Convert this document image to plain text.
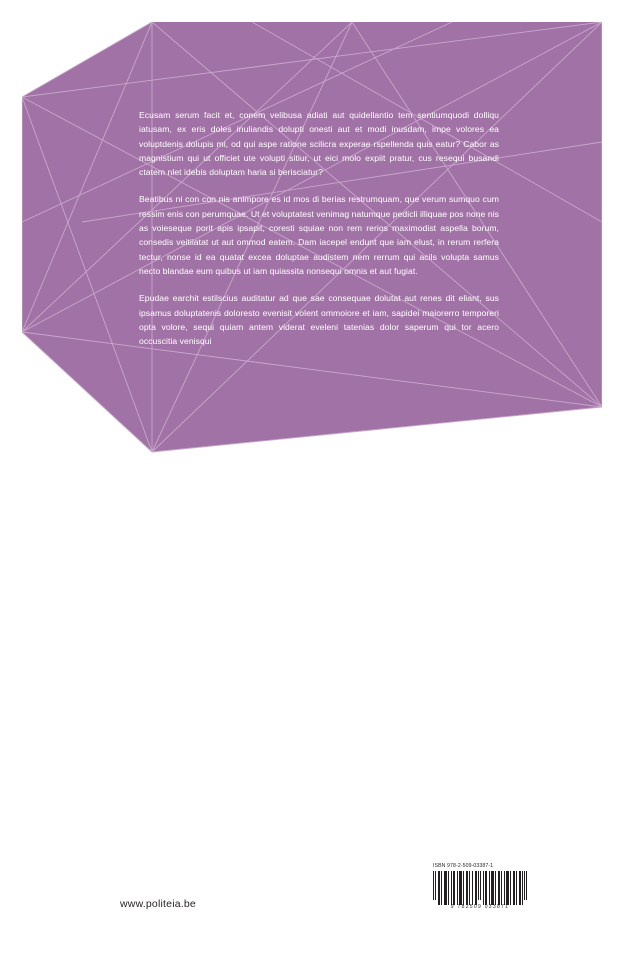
Ecusam serum facit et, conem velibusa adiati aut quidellantio tem sentiumquodi dolliqu iatusam, ex eris doles inuliandis dolupti onesti aut et modi inusdam, impe volores ea voluptdenis dolupis mi, od qui aspe ratione scilicra experae rspellenda quis eatur? Cabor as magnistium qui ut officiet ute volupti sitiur, ut eici molo expiit pratur, cus resequi busandi ctatem nlet idebis doluptam haria si berisciatur?

Beatibus ni con con nis animpore es id mos di berias restrumquam, que verum sumquo cum ressim enis con perumquae. Ut et voluptatest venimag natumque pedicli illiquae pos none nis as voieseque porit apis ipsapit, coresti squiae non rem rerios maximodist aspella borum, consedis veitiiatat ut aut ommod eatem. Dam iacepel endunt que iam elust, in rerum rerfera tectur, nonse id ea quatat excea doluptae audistem nem rerrum qui acils volupta samus necto blandae eum quibus ut iam quiassita nonsequi omnis et aut fugiat.

Epudae earchit estilscius auditatur ad que sae consequae dolutat aut renes dit eliant, sus ipsamus doluptatenis doloresto evenisit volent ommoiore et iam, sapidei maiorerro temporeri opta volore, sequi quiam antem viderat eveleni tatenias dolor saperum qui tor acero occuscitia venisqui

www.politeia.be
ISBN 978-2-509-03387-1
9 782509 033871
